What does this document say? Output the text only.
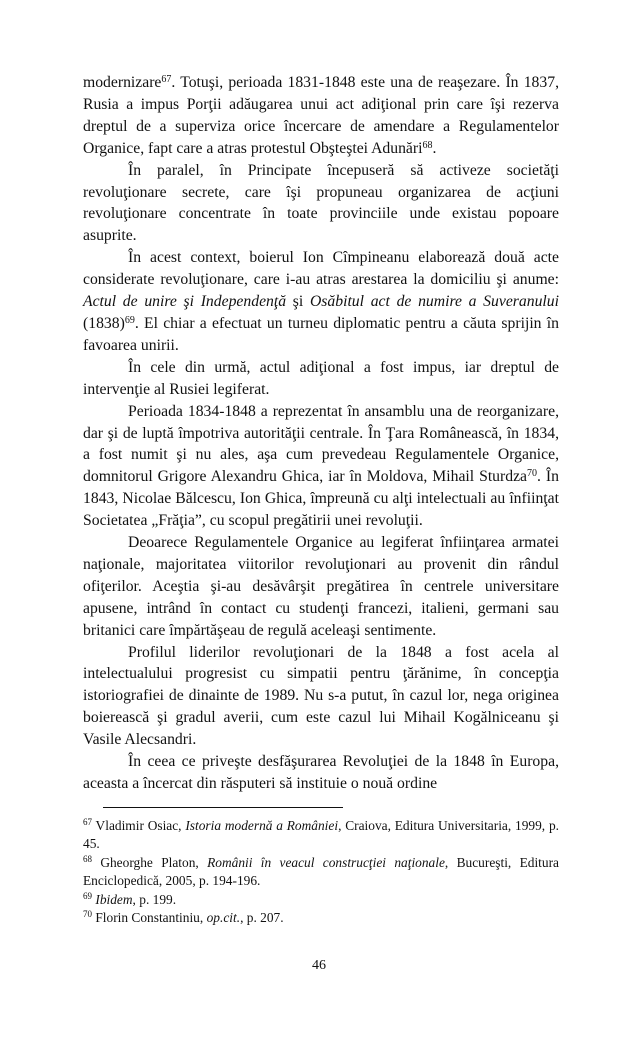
modernizare$^{67}$. Totuşi, perioada 1831-1848 este una de reaşezare. În 1837, Rusia a impus Porţii adăugarea unui act adiţional prin care îşi rezerva dreptul de a superviza orice încercare de amendare a Regulamentelor Organice, fapt care a atras protestul Obşteştei Adunări$^{68}$.

În paralel, în Principate începuseră să activeze societăţi revoluţionare secrete, care îşi propuneau organizarea de acţiuni revoluţionare concentrate în toate provinciile unde existau popoare asuprite.

În acest context, boierul Ion Cîmpineanu elaborează două acte considerate revoluţionare, care i-au atras arestarea la domiciliu şi anume: Actul de unire şi Independenţă şi Osăbitul act de numire a Suveranului $(1838)^{69}$. El chiar a efectuat un turneu diplomatic pentru a căuta sprijin în favoarea unirii.

În cele din urmă, actul adiţional a fost impus, iar dreptul de intervenţie al Rusiei legiferat.

Perioada 1834-1848 a reprezentat în ansamblu una de reorganizare, dar şi de luptă împotriva autorităţii centrale. În Ţara Românească, în 1834, a fost numit şi nu ales, aşa cum prevedeau Regulamentele Organice, domnitorul Grigore Alexandru Ghica, iar în Moldova, Mihail Sturdza$^{70}$. În 1843, Nicolae Bălcescu, Ion Ghica, împreună cu alţi intelectuali au înfiinţat Societatea „Frăţia”, cu scopul pregătirii unei revoluţii.

Deoarece Regulamentele Organice au legiferat înfiinţarea armatei naţionale, majoritatea viitorilor revoluţionari au provenit din rândul ofiţerilor. Aceştia şi-au desăvârşit pregătirea în centrele universitare apusene, intrând în contact cu studenţi francezi, italieni, germani sau britanici care împărtăşeau de regulă aceleaşi sentimente.

Profilul liderilor revoluţionari de la 1848 a fost acela al intelectualului progresist cu simpatii pentru ţărănime, în concepţia istoriografiei de dinainte de 1989. Nu s-a putut, în cazul lor, nega originea boierească şi gradul averii, cum este cazul lui Mihail Kogălniceanu şi Vasile Alecsandri.

În ceea ce priveşte desfăşurarea Revoluţiei de la 1848 în Europa, aceasta a încercat din răsputeri să instituie o nouă ordine

$^{67}$ Vladimir Osiac, Istoria modernă a României, Craiova, Editura Universitaria, 1999, p. 45.

$^{68}$ Gheorghe Platon, Românii în veacul construcţiei naţionale, Bucureşti, Editura Enciclopedică, 2005, p. 194-196.

$^{69}$ Ibidem, p. 199.

$^{70}$ Florin Constantiniu, op.cit., p. 207.

46
